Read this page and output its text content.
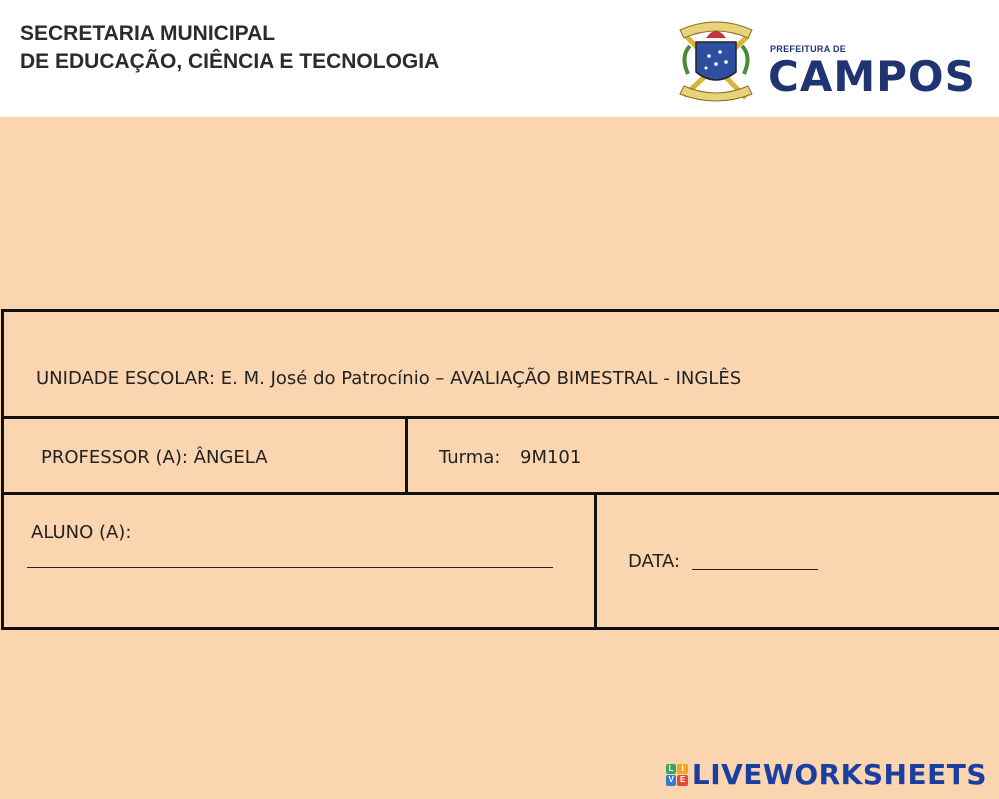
SECRETARIA MUNICIPAL
DE EDUCAÇÃO, CIÊNCIA E TECNOLOGIA
PREFEITURA DE
CAMPOS
UNIDADE ESCOLAR: E. M. José do Patrocínio – AVALIAÇÃO BIMESTRAL - INGLÊS
PROFESSOR (A): ÂNGELA	Turma: 9M101
ALUNO (A):
DATA:
L I
V E LIVEWORKSHEETS
